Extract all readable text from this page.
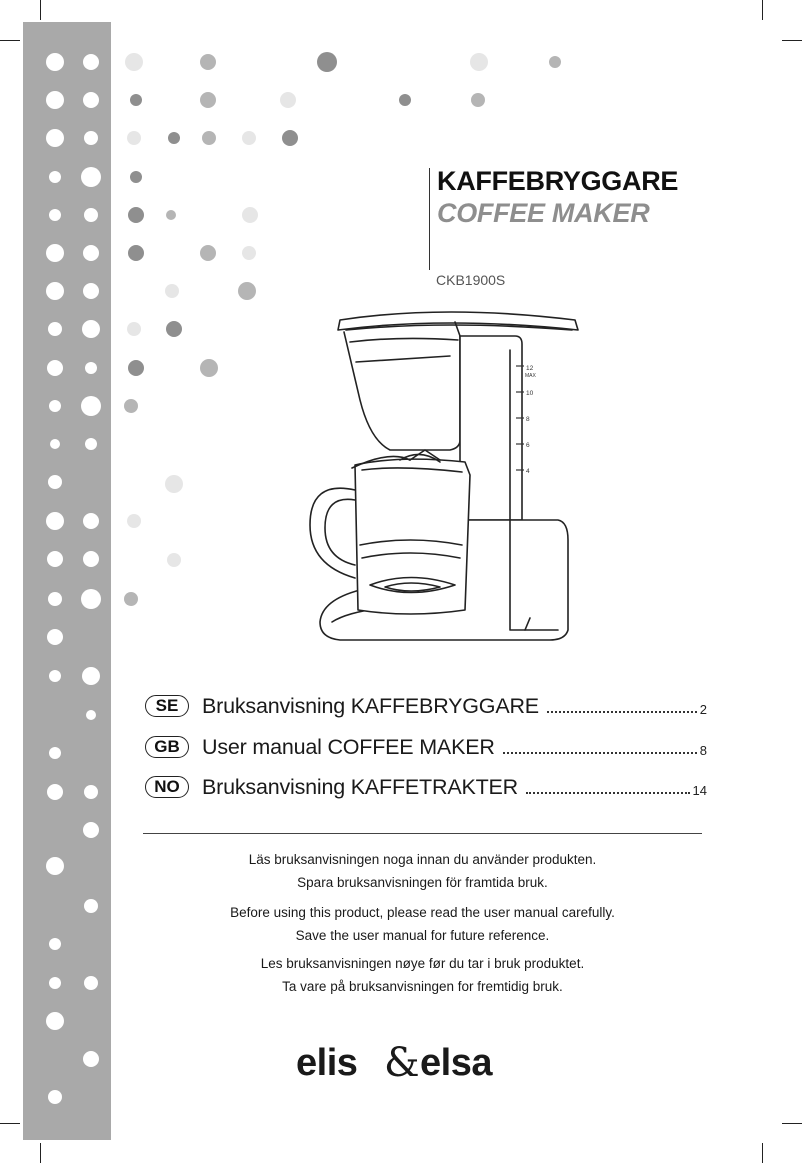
KAFFEBRYGGARE
COFFEE MAKER
CKB1900S
12
MAX
10
8
6
4
SE	Bruksanvisning KAFFEBRYGGARE	2
GB	User manual COFFEE MAKER	8
NO	Bruksanvisning KAFFETRAKTER	14
Läs bruksanvisningen noga innan du använder produkten.
Spara bruksanvisningen för framtida bruk.
Before using this product, please read the user manual carefully.
Save the user manual for future reference.
Les bruksanvisningen nøye før du tar i bruk produktet.
Ta vare på bruksanvisningen for fremtidig bruk.
elis & elsa
